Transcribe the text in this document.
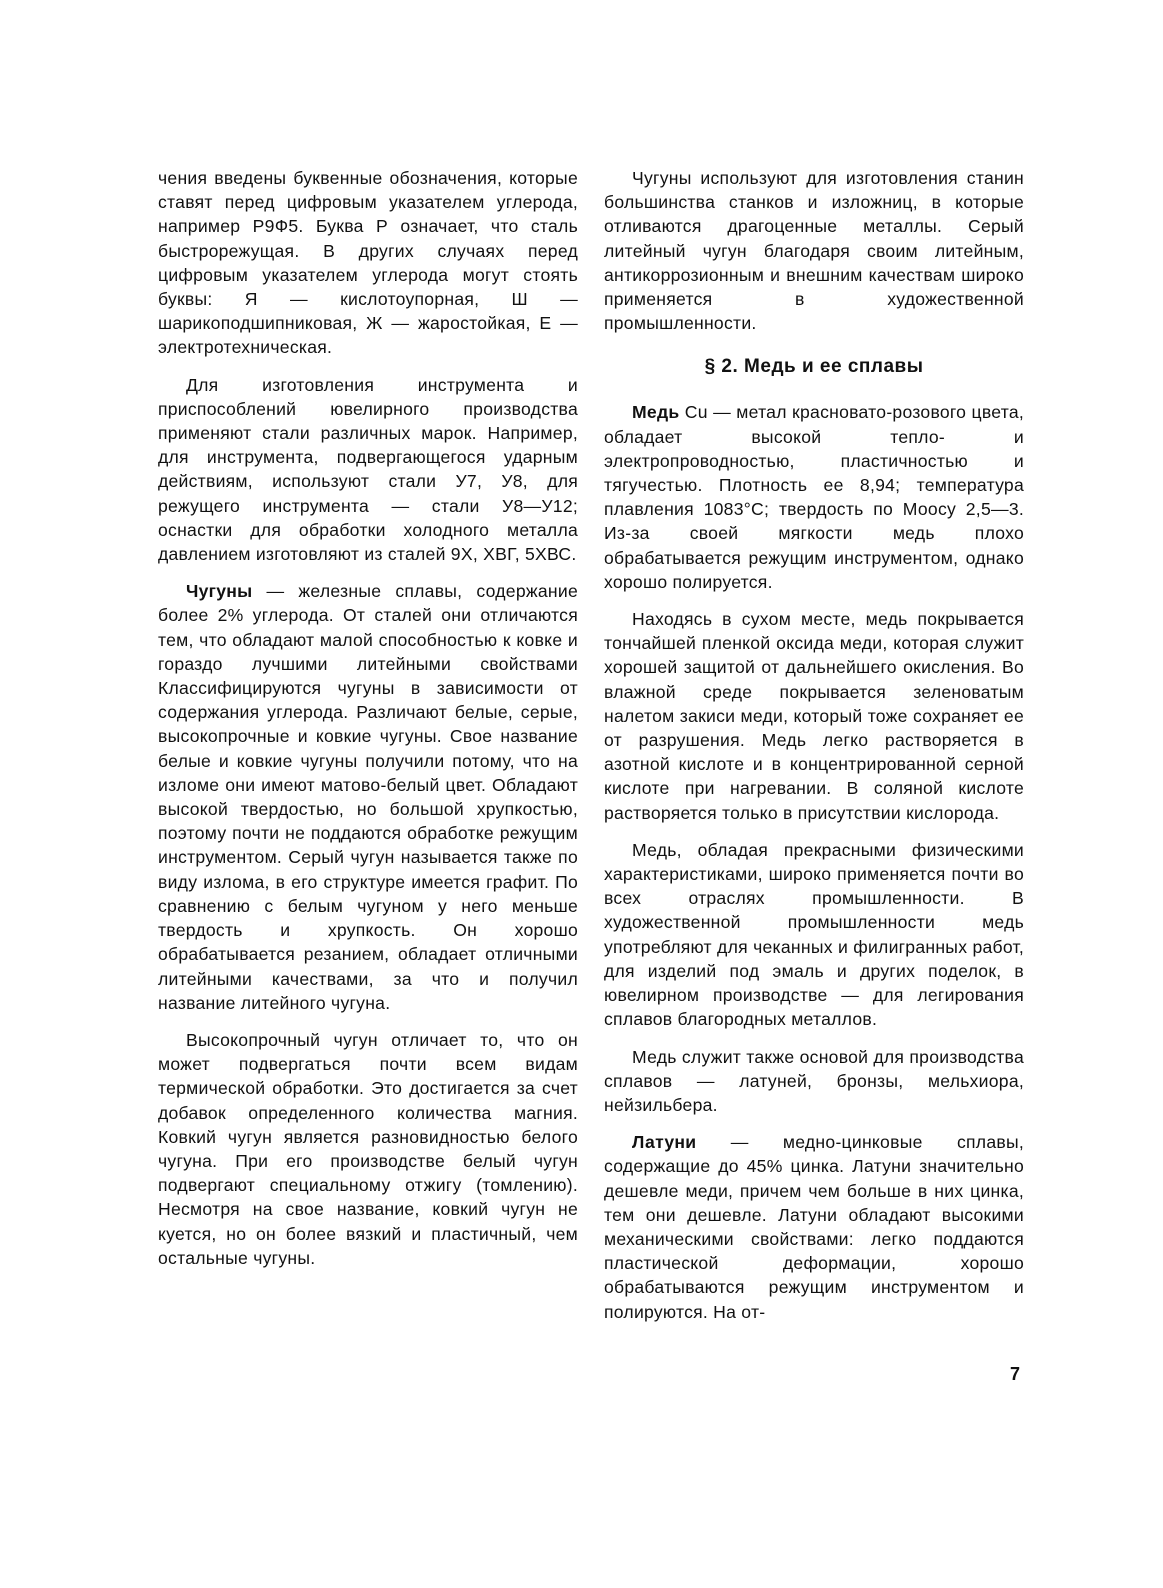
чения введены буквенные обозначения, которые ставят перед цифровым указателем углерода, например Р9Ф5. Буква Р означает, что сталь быстрорежущая. В других случаях перед цифровым указателем углерода могут стоять буквы: Я — кислотоупорная, Ш — шарикоподшипниковая, Ж — жаростойкая, Е — электротехническая.

Для изготовления инструмента и приспособлений ювелирного производства применяют стали различных марок. Например, для инструмента, подвергающегося ударным действиям, используют стали У7, У8, для режущего инструмента — стали У8—У12; оснастки для обработки холодного металла давлением изготовляют из сталей 9Х, ХВГ, 5ХВС.

Чугуны — железные сплавы, содержание более 2% углерода. От сталей они отличаются тем, что обладают малой способностью к ковке и гораздо лучшими литейными свойствами Классифицируются чугуны в зависимости от содержания углерода. Различают белые, серые, высокопрочные и ковкие чугуны. Свое название белые и ковкие чугуны получили потому, что на изломе они имеют матово-белый цвет. Обладают высокой твердостью, но большой хрупкостью, поэтому почти не поддаются обработке режущим инструментом. Серый чугун называется также по виду излома, в его структуре имеется графит. По сравнению с белым чугуном у него меньше твердость и хрупкость. Он хорошо обрабатывается резанием, обладает отличными литейными качествами, за что и получил название литейного чугуна.

Высокопрочный чугун отличает то, что он может подвергаться почти всем видам термической обработки. Это достигается за счет добавок определенного количества магния. Ковкий чугун является разновидностью белого чугуна. При его производстве белый чугун подвергают специальному отжигу (томлению). Несмотря на свое название, ковкий чугун не куется, но он более вязкий и пластичный, чем остальные чугуны.

Чугуны используют для изготовления станин большинства станков и изложниц, в которые отливаются драгоценные металлы. Серый литейный чугун благодаря своим литейным, антикоррозионным и внешним качествам широко применяется в художественной промышленности.

§ 2. Медь и ее сплавы

Медь Cu — метал красновато-розового цвета, обладает высокой тепло- и электропроводностью, пластичностью и тягучестью. Плотность ее 8,94; температура плавления 1083°С; твердость по Моосу 2,5—3. Из-за своей мягкости медь плохо обрабатывается режущим инструментом, однако хорошо полируется.

Находясь в сухом месте, медь покрывается тончайшей пленкой оксида меди, которая служит хорошей защитой от дальнейшего окисления. Во влажной среде покрывается зеленоватым налетом закиси меди, который тоже сохраняет ее от разрушения. Медь легко растворяется в азотной кислоте и в концентрированной серной кислоте при нагревании. В соляной кислоте растворяется только в присутствии кислорода.

Медь, обладая прекрасными физическими характеристиками, широко применяется почти во всех отраслях промышленности. В художественной промышленности медь употребляют для чеканных и филигранных работ, для изделий под эмаль и других поделок, в ювелирном производстве — для легирования сплавов благородных металлов.

Медь служит также основой для производства сплавов — латуней, бронзы, мельхиора, нейзильбера.

Латуни — медно-цинковые сплавы, содержащие до 45% цинка. Латуни значительно дешевле меди, причем чем больше в них цинка, тем они дешевле. Латуни обладают высокими механическими свойствами: легко поддаются пластической деформации, хорошо обрабатываются режущим инструментом и полируются. На от-

7
